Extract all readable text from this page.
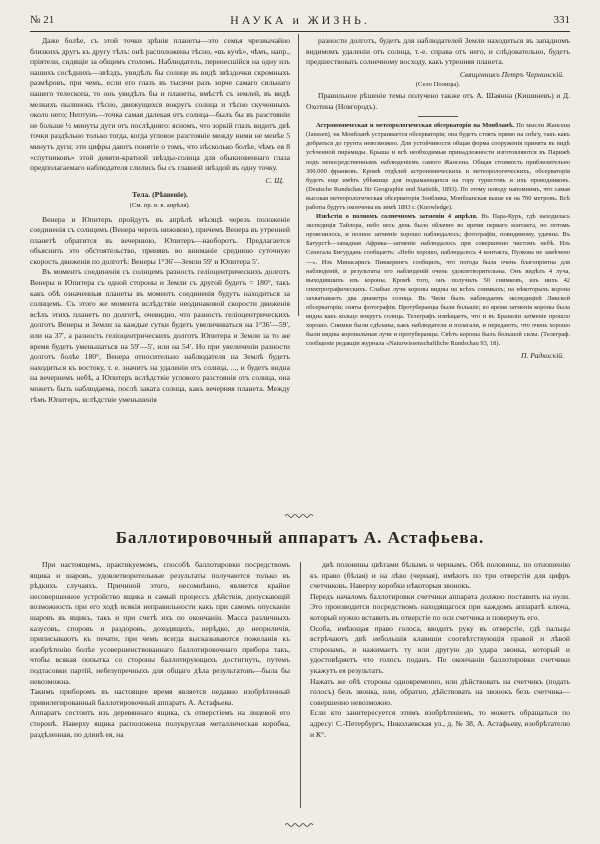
№ 21	НАУКА и ЖИЗНЬ.	331

Даже болѣе, съ этой точки зрѣнія планеты—это семья чрезвычайно близкихъ другъ къ другу тѣлъ: онѣ расположены тѣсно, «въ кучѣ», чѣмъ, напр., пріятели, сидящіе за общимъ столомъ. Наблюдатель, перенесшійся на одну изъ нашихъ сосѣднихъ—звѣздъ, увидѣлъ бы солнце въ видѣ звѣздочки скромныхъ размѣровъ, при чемъ, если его глазъ въ тысячи разъ зорче самаго сильнаго нашего телескопа, то онъ увидѣлъ бы и планеты, вмѣстѣ съ землей, въ видѣ мелкихъ пылинокъ тѣсно, движущихся вокругъ солнца и тѣсно скученныхъ около него; Нептунъ—точка самая далекая отъ солнца—былъ бы въ разстояніи не больше ½ минуты дуги отъ послѣдняго: ясномъ, что зоркій глазъ видитъ двѣ точки раздѣльно только тогда, когда угловое разстояніе между ними не менѣе 5 минутъ дуги; эти цифры даютъ понятіе о томъ, что нѣсколько болѣе, чѣмъ ея 8 «спутниковъ» этой девяти-кратной звѣзды-солнца для обыкновеннаго глаза предполагаемаго наблюдателя слились бы съ главной звѣздой въ одну точку.

С. Щ.
Тела. (Рѣшеніе).
(См. пр. в. в. апрѣля).

Венера и Юпитеръ пройдутъ въ апрѣлѣ мѣсяцѣ черезъ положеніе соединенія съ солнцемъ (Венера черезъ нижнюю), причемъ Венера въ утренней планетѣ обратится въ вечернюю, Юпитеръ—наоборотъ. Предлагается объяснить это обстоятельство, принявъ во вниманіе среднюю суточную скорость движенія по долготѣ: Венеры 1°36′—Земли 59′ и Юпитера 5′.

Въ моментъ соединенія съ солнцемъ разность геліоцентрическихъ долготъ Венеры и Юпитера съ одной стороны и Земли съ другой будетъ = 180°, такъ какъ обѣ означенныя планеты въ моментъ соединенія будутъ находиться за солнцемъ. Съ этого же момента вслѣдствіе неодинаковой скорости движенія всѣхъ этихъ планетъ по долготѣ, очевидно, что разность геліоцентрическихъ долготъ Венеры и Земли за каждые сутки будетъ увеличиваться на 1°36′—59′, или на 37′, а разность геліоцентрическихъ долготъ Юпитера и Земли за то же время будетъ уменьшаться на 59′—5′, или на 54′. Но при увеличеніи разности долготъ болѣе 180°, Венера относительно наблюдателя на Землѣ будетъ находиться къ востоку, т. е. значитъ на удаленіи отъ солнца, ..., и будетъ видна на вечернемъ небѣ, а Юпитеръ вслѣдствіе углового разстоянія отъ солнца, она можетъ быть наблюдаема, послѣ заката солнца, какъ вечерняя планета. Между тѣмъ Юпитеръ, вслѣдствіе уменьшенія

разности долготъ, будетъ для наблюдателей Земли находиться въ западномъ видимомъ удаленіи отъ солнца, т.-е. справа отъ него, и слѣдовательно, будетъ предшествовать солнечному восходу, какъ утренняя планета.

Священникъ Петръ Чернинскій.
(Село Полицы).

Правильное рѣшеніе темы получено также отъ А. Шаянна (Кишиневъ) и Д. Охотина (Новгородъ).

Астрономическая и метеорологическая обсерваторія на Монбланѣ. По мысли Жансена (Janssen), на Монбланѣ устраивается обсерваторія; она будетъ стоять прямо на снѣгу, такъ какъ добраться до грунта невозможно. Для устойчивости общая форма сооруженія принята въ видѣ усѣченной пирамиды. Крыша и всѣ необходимыя принадлежности изготовляются въ Парижѣ подъ непосредственнымъ наблюденіемъ самого Жансена. Общая стоимость приблизительно 300.000 франковъ. Кромѣ отдѣлей астрономическихъ и метеорологическихъ, обсерваторія будетъ еще имѣть убѣжище для подымающихся на гору туристовъ и ихъ проводниковъ. (Deutsche Rundschau für Geographie und Statistik, 1893). По этому поводу напомнимъ, что самая высокая метеорологическая обсерваторія Зонблика, Монбланская выше ея на 700 метровъ. Всѣ работы будутъ окончены въ зимѣ 1893 г. (Knowledge).

Извѣстія о полномъ солнечномъ затменіи 4 апрѣля. Въ Пара-Куръ, гдѣ находилась экспедиція Тайлора, небо весь день было облачно во время перваго контакта, но потомъ прояснилось, и полное затменіе хорошо наблюдалось; фотографіи, повидимому, удачны. Въ Батурстѣ—западная Африка—затменіе наблюдалось при совершенно чистомъ небѣ. Изъ Сенегала Бигурдань сообщаетъ: «Небо хорошо, наблюдалось 4 контакта, Пулкова не замѣчено—». Изъ Минасарисъ Пиккерингъ сообщилъ, что погода была очень благопріятна для наблюденій, и результаты его наблюденій очень удовлетворительны. Онъ видѣлъ 4 луча, выходившихъ изъ короны. Кромѣ того, онъ получилъ 50 снимковъ, изъ нихъ 42 спектрографическихъ. Слабые лучи короны видны на всѣхъ снимкахъ; на нѣкоторыхъ корона захватываетъ два диаметра солнца. Въ Чили былъ наблюдаемъ экспедиціей Ликской обсерваторіи; сняты фотографіи. Протуберанцы были большіе; во время затменія короны была видна какъ кольцо вокругъ солнца. Телеграфъ извѣщаетъ, что и въ Бразиліи затменіе прошло хорошо. Снимки были сдѣланы, какъ наблюдатели и полагали, и передаютъ, что очень хорошо были видны корональныя лучи и протуберанцы. Свѣтъ короны былъ большой силы. (Телеграф. сообщеніе редакціи журнала «Naturwissenschaftliche Rundschau 93, 18).

П. Радкоскій.
Баллотировочный аппаратъ А. Астафьева.

При настоящемъ, практикуемомъ, способѣ баллотировки посредствомъ ящика и шаровъ, удовлетворительные результаты получаются только въ рѣдкихъ случаяхъ. Причиной этого, несомнѣнно, является крайне несовершенное устройство ящика и самый процессъ дѣйствія, допускающій возможность при его ходѣ всякія неправильности какъ при самомъ опусканіи шаровъ въ ящикъ, такъ и при счетѣ ихъ по окончаніи. Масса различныхъ казусовъ, споровъ и раздоровъ, доходящихъ, нерѣдко, до неприличія, приписываютъ къ печати, при чемъ всегда высказываются пожеланія къ изобрѣтенію болѣе усовершенствованнаго баллотировочнаго прибора такъ, чтобы всякая попытка со стороны баллотирующихъ достигнуть, путемъ подтасовки партій, небезупречныхъ для общаго дѣла результатовъ—была бы невозможна.
Такимъ приборомъ въ настоящее время является недавно изобрѣтенный привилегированный баллотировочный аппаратъ А. Астафьева.
Аппаратъ состоитъ изъ деревяннаго ящика, съ отверстіемъ на лицевой его сторонѣ. Наверху ящика расположена полукруглая металлическая коробка, раздѣленная, по длинѣ ея, на

двѣ половины цвѣтами бѣлымъ и чернымъ. Обѣ половины, по отношенію къ право (бѣлая) и на лѣво (черная), имѣютъ по три отверстія для цифръ счетчиковъ. Наверху коробки нѣкоторыя звонокъ.
Передъ началомъ баллотировки счетчики аппарата должно поставить на нули. Это производится посредствомъ находящагося при каждомъ аппаратѣ ключа, который нужно вставить въ отверстіе по оси счетчика и повернуть его.
Особа, имѣющая право голоса, вводитъ руку въ отверстіе, гдѣ пальцы встрѣчаютъ двѣ небольшія клавиши соотвѣтствующія правой и лѣвой сторонамъ, и нажимаетъ ту или другую до удара звонка, который и удостовѣряетъ что голосъ поданъ. По окончаніи баллотировки счетчики укажутъ ея результатъ.
Нажать же обѣ стороны одновременно, или дѣйствовать на счетчикъ (подать голосъ) безъ звонка, или, обратно, дѣйствовать на звонокъ безъ счетчика—совершенно невозможно.
Если кто заинтересуется этимъ изобрѣтеніемъ, то можетъ обращаться по адресу: С.-Петербургъ, Николаевская ул., д. № 38, А. Астафьеву, изобрѣтателю и К°.
